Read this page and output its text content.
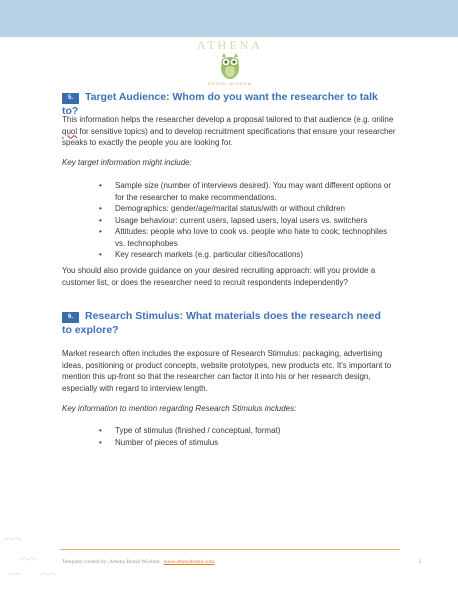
ATHENA
BRAND WISDOM
5. Target Audience: Whom do you want the researcher to talk to?

This information helps the researcher develop a proposal tailored to that audience (e.g. online quol for sensitive topics) and to develop recruitment specifications that ensure your researcher speaks to exactly the people you are looking for.

Key target information might include:

• Sample size (number of interviews desired). You may want different options or for the researcher to make recommendations.
• Demographics: gender/age/marital status/with or without children
• Usage behaviour: current users, lapsed users, loyal users vs. switchers
• Attitudes: people who love to cook vs. people who hate to cook; technophiles vs. technophobes
• Key research markets (e.g. particular cities/locations)

You should also provide guidance on your desired recruiting approach: will you provide a customer list, or does the researcher need to recruit respondents independently?

6. Research Stimulus: What materials does the research need to explore?

Market research often includes the exposure of Research Stimulus: packaging, advertising ideas, positioning or product concepts, website prototypes, new products etc. It's important to mention this up-front so that the researcher can factor it into his or her research design, especially with regard to interview length.

Key information to mention regarding Research Stimulus includes:

• Type of stimulus (finished / conceptual, format)
• Number of pieces of stimulus
Template created by: Athena Brand Wisdom www.athenabrand.com	3
